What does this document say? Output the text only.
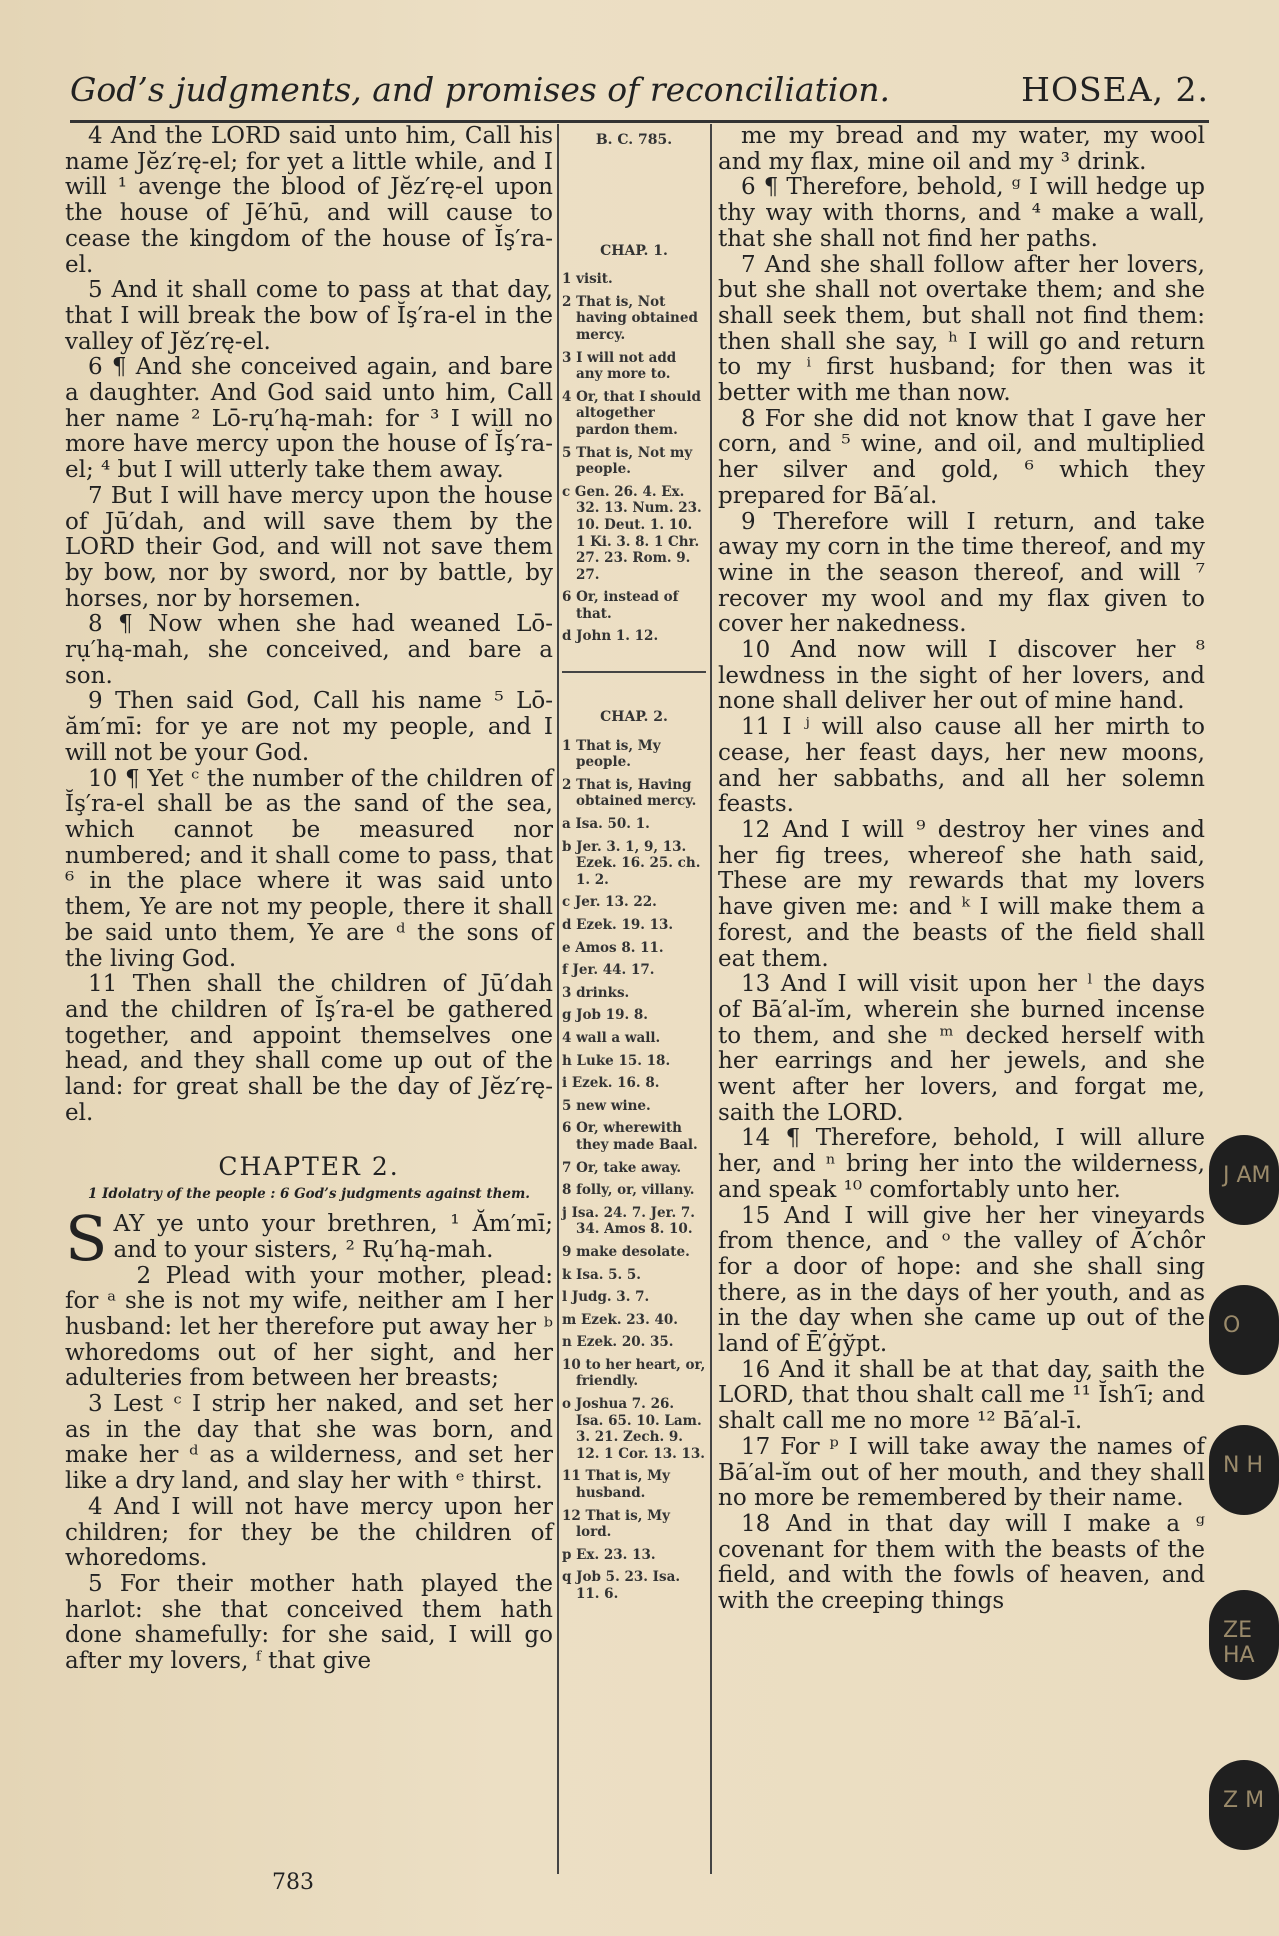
God’s judgments, and promises of reconciliation.	HOSEA, 2.

4 And the LORD said unto him, Call his name Jĕz′rę-el; for yet a little while, and I will ¹ avenge the blood of Jĕz′rę-el upon the house of Jē′hū, and will cause to cease the kingdom of the house of Ĭş′ra-el.

5 And it shall come to pass at that day, that I will break the bow of Ĭş′ra-el in the valley of Jĕz′rę-el.

6 ¶ And she conceived again, and bare a daughter. And God said unto him, Call her name ² Lō-rụ′hą-mah: for ³ I will no more have mercy upon the house of Ĭş′ra-el; ⁴ but I will utterly take them away.

7 But I will have mercy upon the house of Jū′dah, and will save them by the LORD their God, and will not save them by bow, nor by sword, nor by battle, by horses, nor by horsemen.

8 ¶ Now when she had weaned Lō-rụ′hą-mah, she conceived, and bare a son.

9 Then said God, Call his name ⁵ Lō-ăm′mī: for ye are not my people, and I will not be your God.

10 ¶ Yet ᶜ the number of the children of Ĭş′ra-el shall be as the sand of the sea, which cannot be measured nor numbered; and it shall come to pass, that ⁶ in the place where it was said unto them, Ye are not my people, there it shall be said unto them, Ye are ᵈ the sons of the living God.

11 Then shall the children of Jū′dah and the children of Ĭş′ra-el be gathered together, and appoint themselves one head, and they shall come up out of the land: for great shall be the day of Jĕz′rę-el.

CHAPTER 2.
1 Idolatry of the people : 6 God’s judgments against them.
S AY ye unto your brethren, ¹ Ăm′mī; and to your sisters, ² Rụ′hą-mah.

2 Plead with your mother, plead: for ᵃ she is not my wife, neither am I her husband: let her therefore put away her ᵇ whoredoms out of her sight, and her adulteries from between her breasts;

3 Lest ᶜ I strip her naked, and set her as in the day that she was born, and make her ᵈ as a wilderness, and set her like a dry land, and slay her with ᵉ thirst.

4 And I will not have mercy upon her children; for they be the children of whoredoms.

5 For their mother hath played the harlot: she that conceived them hath done shamefully: for she said, I will go after my lovers, ᶠ that give

B. C. 785.
CHAP. 1.
1 visit.
2 That is, Not having obtained mercy.
3 I will not add any more to.
4 Or, that I should altogether pardon them.
5 That is, Not my people.
c Gen. 26. 4. Ex. 32. 13. Num. 23. 10. Deut. 1. 10. 1 Ki. 3. 8. 1 Chr. 27. 23. Rom. 9. 27.
6 Or, instead of that.
d John 1. 12.
CHAP. 2.
1 That is, My people.
2 That is, Having obtained mercy.
a Isa. 50. 1.
b Jer. 3. 1, 9, 13. Ezek. 16. 25. ch. 1. 2.
c Jer. 13. 22.
d Ezek. 19. 13.
e Amos 8. 11.
f Jer. 44. 17.
3 drinks.
g Job 19. 8.
4 wall a wall.
h Luke 15. 18.
i Ezek. 16. 8.
5 new wine.
6 Or, wherewith they made Baal.
7 Or, take away.
8 folly, or, villany.
j Isa. 24. 7. Jer. 7. 34. Amos 8. 10.
9 make desolate.
k Isa. 5. 5.
l Judg. 3. 7.
m Ezek. 23. 40.
n Ezek. 20. 35.
10 to her heart, or, friendly.
o Joshua 7. 26. Isa. 65. 10. Lam. 3. 21. Zech. 9. 12. 1 Cor. 13. 13.
11 That is, My husband.
12 That is, My lord.
p Ex. 23. 13.
q Job 5. 23. Isa. 11. 6.

me my bread and my water, my wool and my flax, mine oil and my ³ drink.

6 ¶ Therefore, behold, ᵍ I will hedge up thy way with thorns, and ⁴ make a wall, that she shall not find her paths.

7 And she shall follow after her lovers, but she shall not overtake them; and she shall seek them, but shall not find them: then shall she say, ʰ I will go and return to my ⁱ first husband; for then was it better with me than now.

8 For she did not know that I gave her corn, and ⁵ wine, and oil, and multiplied her silver and gold, ⁶ which they prepared for Bā′al.

9 Therefore will I return, and take away my corn in the time thereof, and my wine in the season thereof, and will ⁷ recover my wool and my flax given to cover her nakedness.

10 And now will I discover her ⁸ lewdness in the sight of her lovers, and none shall deliver her out of mine hand.

11 I ʲ will also cause all her mirth to cease, her feast days, her new moons, and her sabbaths, and all her solemn feasts.

12 And I will ⁹ destroy her vines and her fig trees, whereof she hath said, These are my rewards that my lovers have given me: and ᵏ I will make them a forest, and the beasts of the field shall eat them.

13 And I will visit upon her ˡ the days of Bā′al-ĭm, wherein she burned incense to them, and she ᵐ decked herself with her earrings and her jewels, and she went after her lovers, and forgat me, saith the LORD.

14 ¶ Therefore, behold, I will allure her, and ⁿ bring her into the wilderness, and speak ¹⁰ comfortably unto her.

15 And I will give her her vineyards from thence, and ᵒ the valley of Ā′chôr for a door of hope: and she shall sing there, as in the days of her youth, and as in the day when she came up out of the land of Ē′ġўpt.

16 And it shall be at that day, saith the LORD, that thou shalt call me ¹¹ Ĭsh′ī; and shalt call me no more ¹² Bā′al-ī.

17 For ᵖ I will take away the names of Bā′al-ĭm out of her mouth, and they shall no more be remembered by their name.

18 And in that day will I make a ᵍ covenant for them with the beasts of the field, and with the fowls of heaven, and with the creeping things

783
J AM
O
N H
ZE HA
Z M
